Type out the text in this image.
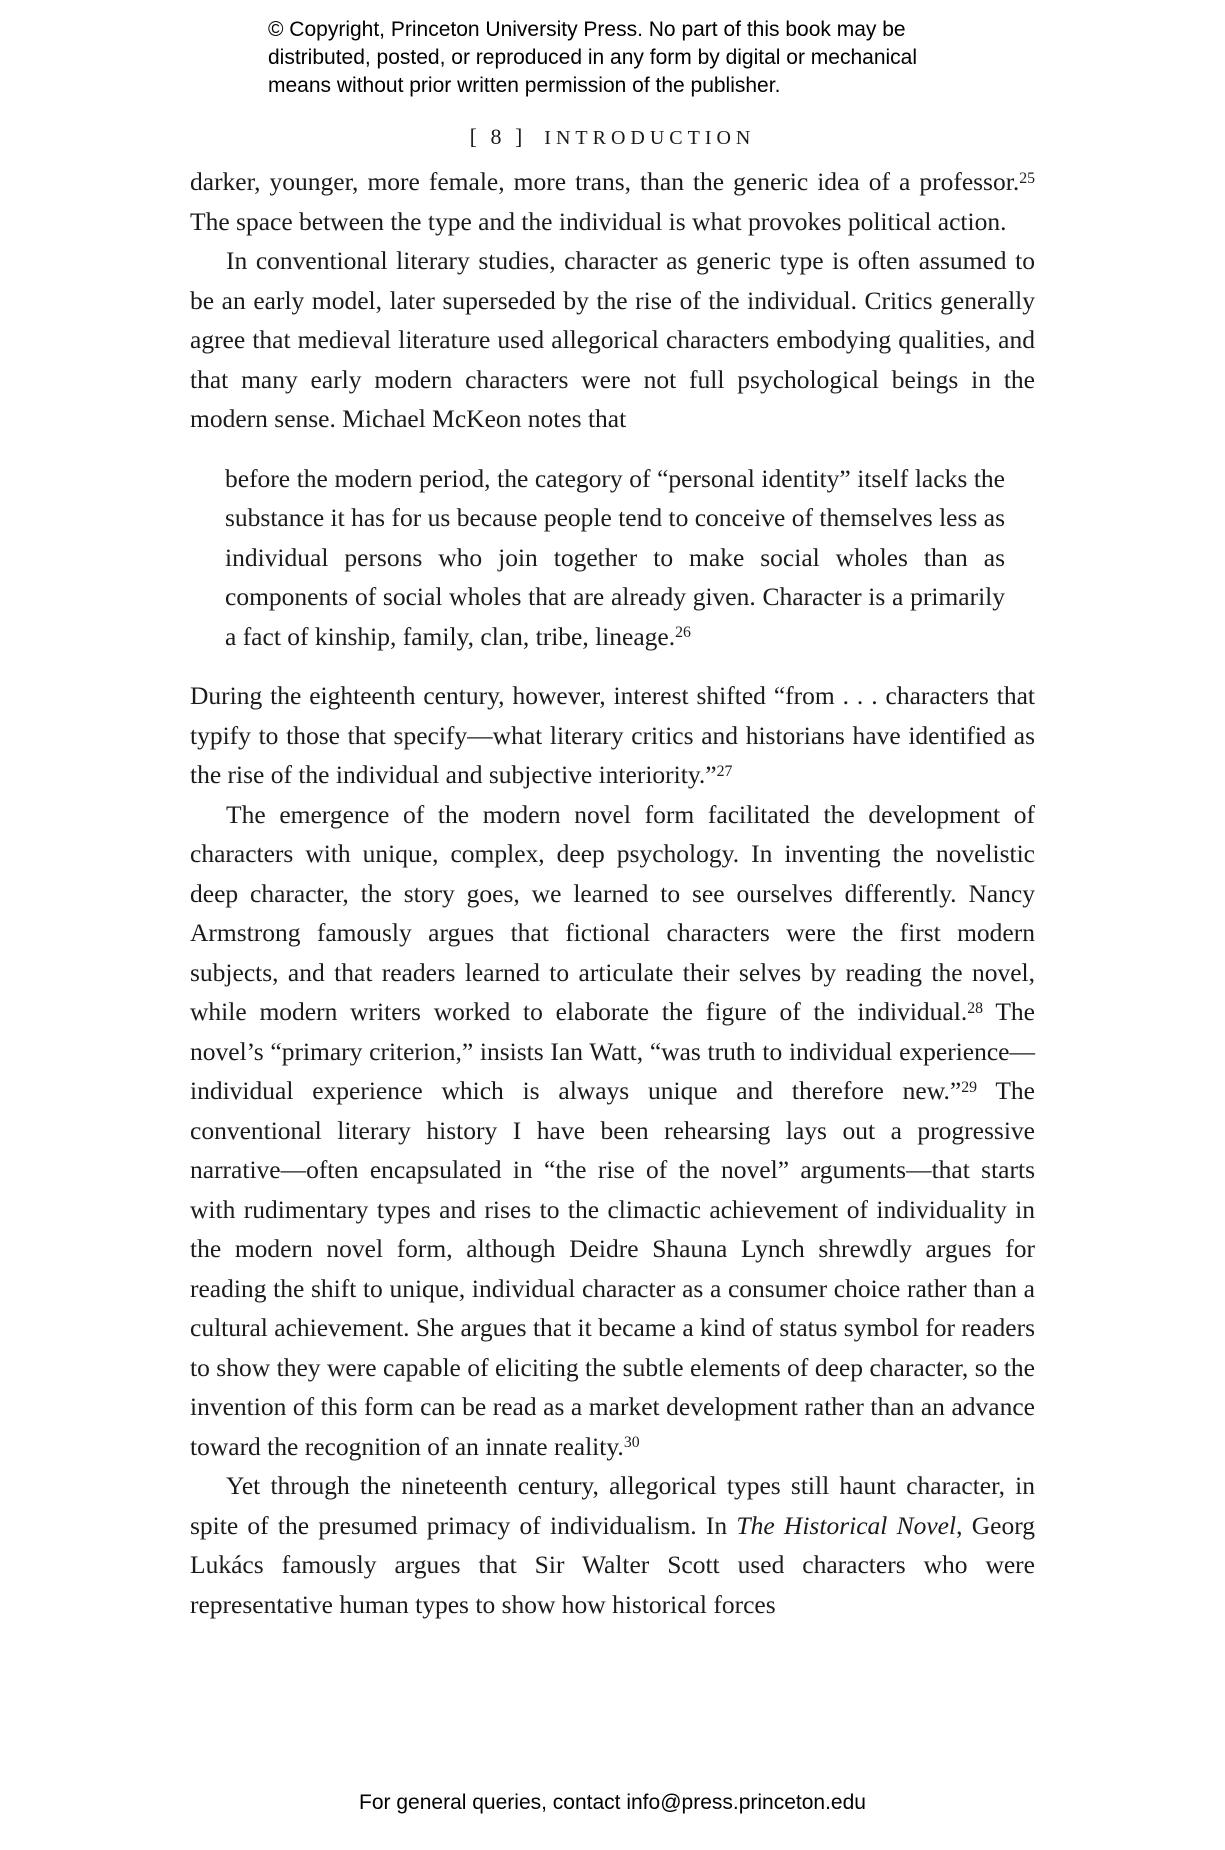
© Copyright, Princeton University Press. No part of this book may be
distributed, posted, or reproduced in any form by digital or mechanical
means without prior written permission of the publisher.
[ 8 ] INTRODUCTION

darker, younger, more female, more trans, than the generic idea of a professor.$^{25}$ The space between the type and the individual is what provokes political action.

In conventional literary studies, character as generic type is often assumed to be an early model, later superseded by the rise of the individual. Critics generally agree that medieval literature used allegorical characters embodying qualities, and that many early modern characters were not full psychological beings in the modern sense. Michael McKeon notes that

before the modern period, the category of “personal identity” itself lacks the substance it has for us because people tend to conceive of themselves less as individual persons who join together to make social wholes than as components of social wholes that are already given. Character is a primarily a fact of kinship, family, clan, tribe, lineage.$^{26}$

During the eighteenth century, however, interest shifted “from . . . characters that typify to those that specify—what literary critics and historians have identified as the rise of the individual and subjective interiority.”$^{27}$

The emergence of the modern novel form facilitated the development of characters with unique, complex, deep psychology. In inventing the novelistic deep character, the story goes, we learned to see ourselves differently. Nancy Armstrong famously argues that fictional characters were the first modern subjects, and that readers learned to articulate their selves by reading the novel, while modern writers worked to elaborate the figure of the individual.$^{28}$ The novel’s “primary criterion,” insists Ian Watt, “was truth to individual experience—individual experience which is always unique and therefore new.”$^{29}$ The conventional literary history I have been rehearsing lays out a progressive narrative—often encapsulated in “the rise of the novel” arguments—that starts with rudimentary types and rises to the climactic achievement of individuality in the modern novel form, although Deidre Shauna Lynch shrewdly argues for reading the shift to unique, individual character as a consumer choice rather than a cultural achievement. She argues that it became a kind of status symbol for readers to show they were capable of eliciting the subtle elements of deep character, so the invention of this form can be read as a market development rather than an advance toward the recognition of an innate reality.$^{30}$

Yet through the nineteenth century, allegorical types still haunt character, in spite of the presumed primacy of individualism. In The Historical Novel, Georg Lukács famously argues that Sir Walter Scott used characters who were representative human types to show how historical forces

For general queries, contact info@press.princeton.edu
